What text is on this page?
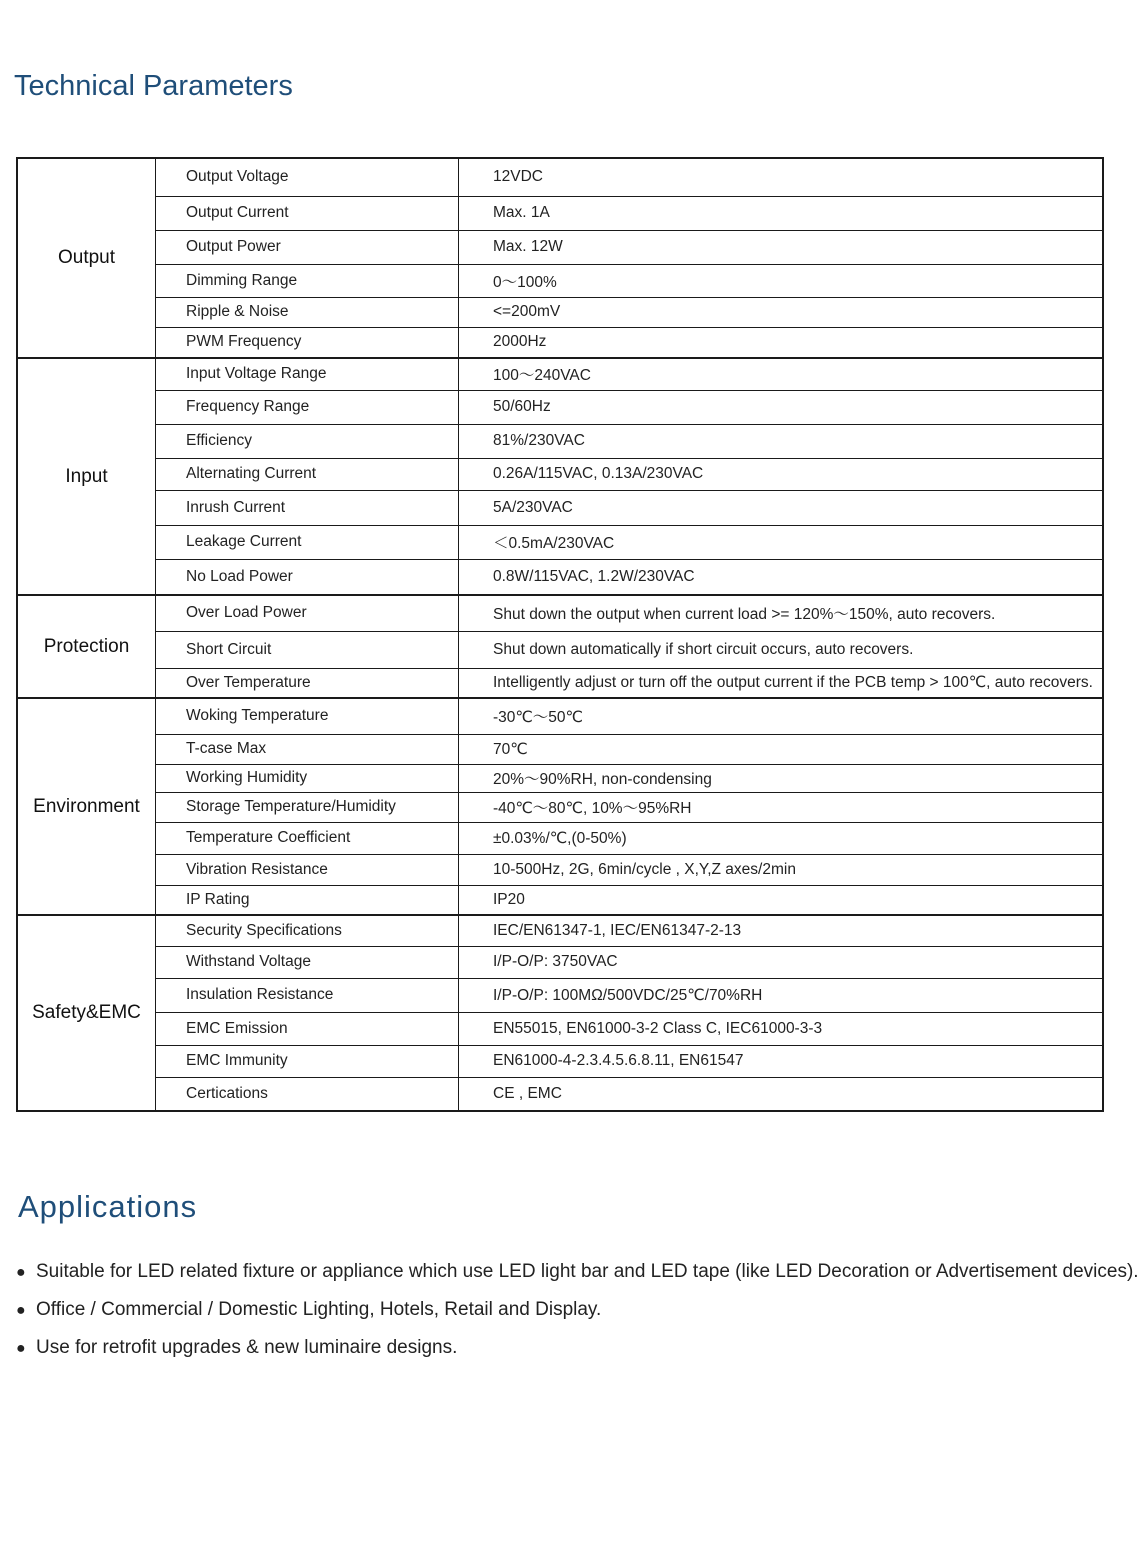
Technical Parameters
Output	Output Voltage	12VDC
	Output Current	Max. 1A
	Output Power	Max. 12W
	Dimming Range	0～100%
	Ripple & Noise	<=200mV
	PWM Frequency	2000Hz
Input	Input Voltage Range	100～240VAC
	Frequency Range	50/60Hz
	Efficiency	81%/230VAC
	Alternating Current	0.26A/115VAC, 0.13A/230VAC
	Inrush Current	5A/230VAC
	Leakage Current	＜0.5mA/230VAC
	No Load Power	0.8W/115VAC, 1.2W/230VAC
Protection	Over Load Power	Shut down the output when current load >= 120%～150%, auto recovers.
	Short Circuit	Shut down automatically if short circuit occurs, auto recovers.
	Over Temperature	Intelligently adjust or turn off the output current if the PCB temp > 100℃, auto recovers.
Environment	Woking Temperature	-30℃～50℃
	T-case Max	70℃
	Working Humidity	20%～90%RH, non-condensing
	Storage Temperature/Humidity	-40℃～80℃, 10%～95%RH
	Temperature Coefficient	±0.03%/℃,(0-50%)
	Vibration Resistance	10-500Hz, 2G, 6min/cycle , X,Y,Z axes/2min
	IP Rating	IP20
Safety&EMC	Security Specifications	IEC/EN61347-1, IEC/EN61347-2-13
	Withstand Voltage	I/P-O/P: 3750VAC
	Insulation Resistance	I/P-O/P: 100MΩ/500VDC/25℃/70%RH
	EMC Emission	EN55015, EN61000-3-2 Class C, IEC61000-3-3
	EMC Immunity	EN61000-4-2.3.4.5.6.8.11, EN61547
	Certications	CE , EMC
Applications
● Suitable for LED related fixture or appliance which use LED light bar and LED tape (like LED Decoration or Advertisement devices).
● Office / Commercial / Domestic Lighting, Hotels, Retail and Display.
● Use for retrofit upgrades & new luminaire designs.
